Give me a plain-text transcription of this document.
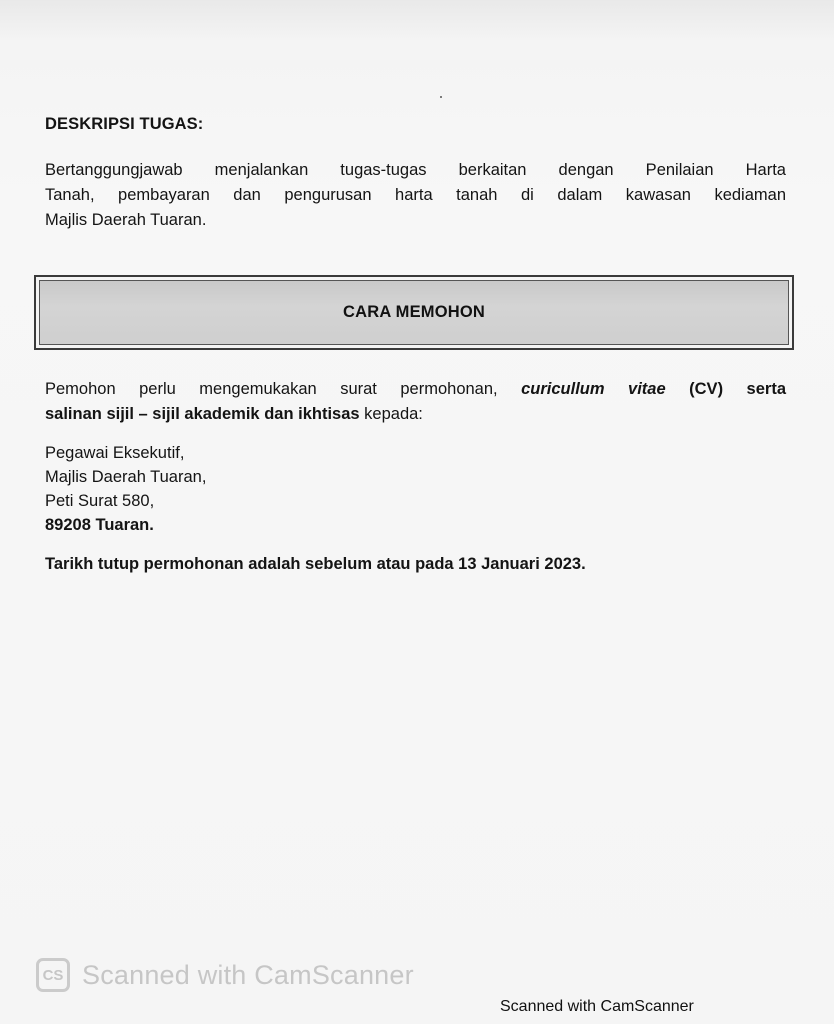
DESKRIPSI TUGAS:
Bertanggungjawab menjalankan tugas-tugas berkaitan dengan Penilaian Harta
Tanah, pembayaran dan pengurusan harta tanah di dalam kawasan kediaman
Majlis Daerah Tuaran.
CARA MEMOHON
Pemohon perlu mengemukakan surat permohonan, curicullum vitae (CV) serta
salinan sijil – sijil akademik dan ikhtisas kepada:
Pegawai Eksekutif,
Majlis Daerah Tuaran,
Peti Surat 580,
89208 Tuaran.
Tarikh tutup permohonan adalah sebelum atau pada 13 Januari 2023.
CS Scanned with CamScanner
Scanned with CamScanner
